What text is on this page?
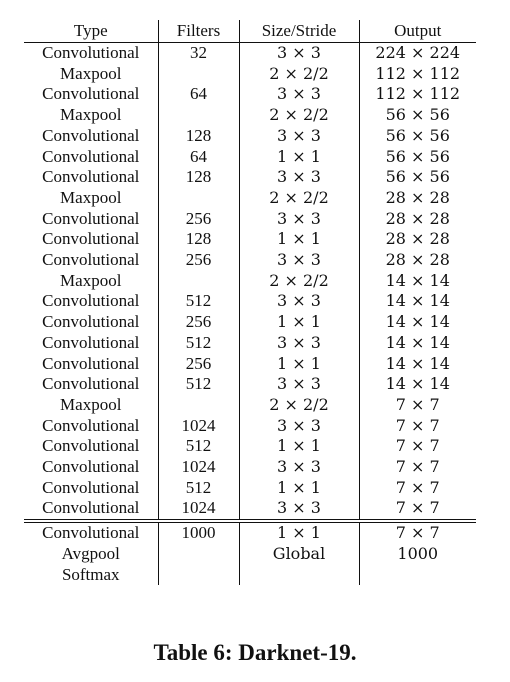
Type	Filters	Size/Stride	Output
Convolutional	32	3 × 3	224 × 224
Maxpool		2 × 2/2	112 × 112
Convolutional	64	3 × 3	112 × 112
Maxpool		2 × 2/2	56 × 56
Convolutional	128	3 × 3	56 × 56
Convolutional	64	1 × 1	56 × 56
Convolutional	128	3 × 3	56 × 56
Maxpool		2 × 2/2	28 × 28
Convolutional	256	3 × 3	28 × 28
Convolutional	128	1 × 1	28 × 28
Convolutional	256	3 × 3	28 × 28
Maxpool		2 × 2/2	14 × 14
Convolutional	512	3 × 3	14 × 14
Convolutional	256	1 × 1	14 × 14
Convolutional	512	3 × 3	14 × 14
Convolutional	256	1 × 1	14 × 14
Convolutional	512	3 × 3	14 × 14
Maxpool		2 × 2/2	7 × 7
Convolutional	1024	3 × 3	7 × 7
Convolutional	512	1 × 1	7 × 7
Convolutional	1024	3 × 3	7 × 7
Convolutional	512	1 × 1	7 × 7
Convolutional	1024	3 × 3	7 × 7
Convolutional	1000	1 × 1	7 × 7
Avgpool		Global	1000
Softmax			
Table 6: Darknet-19.
